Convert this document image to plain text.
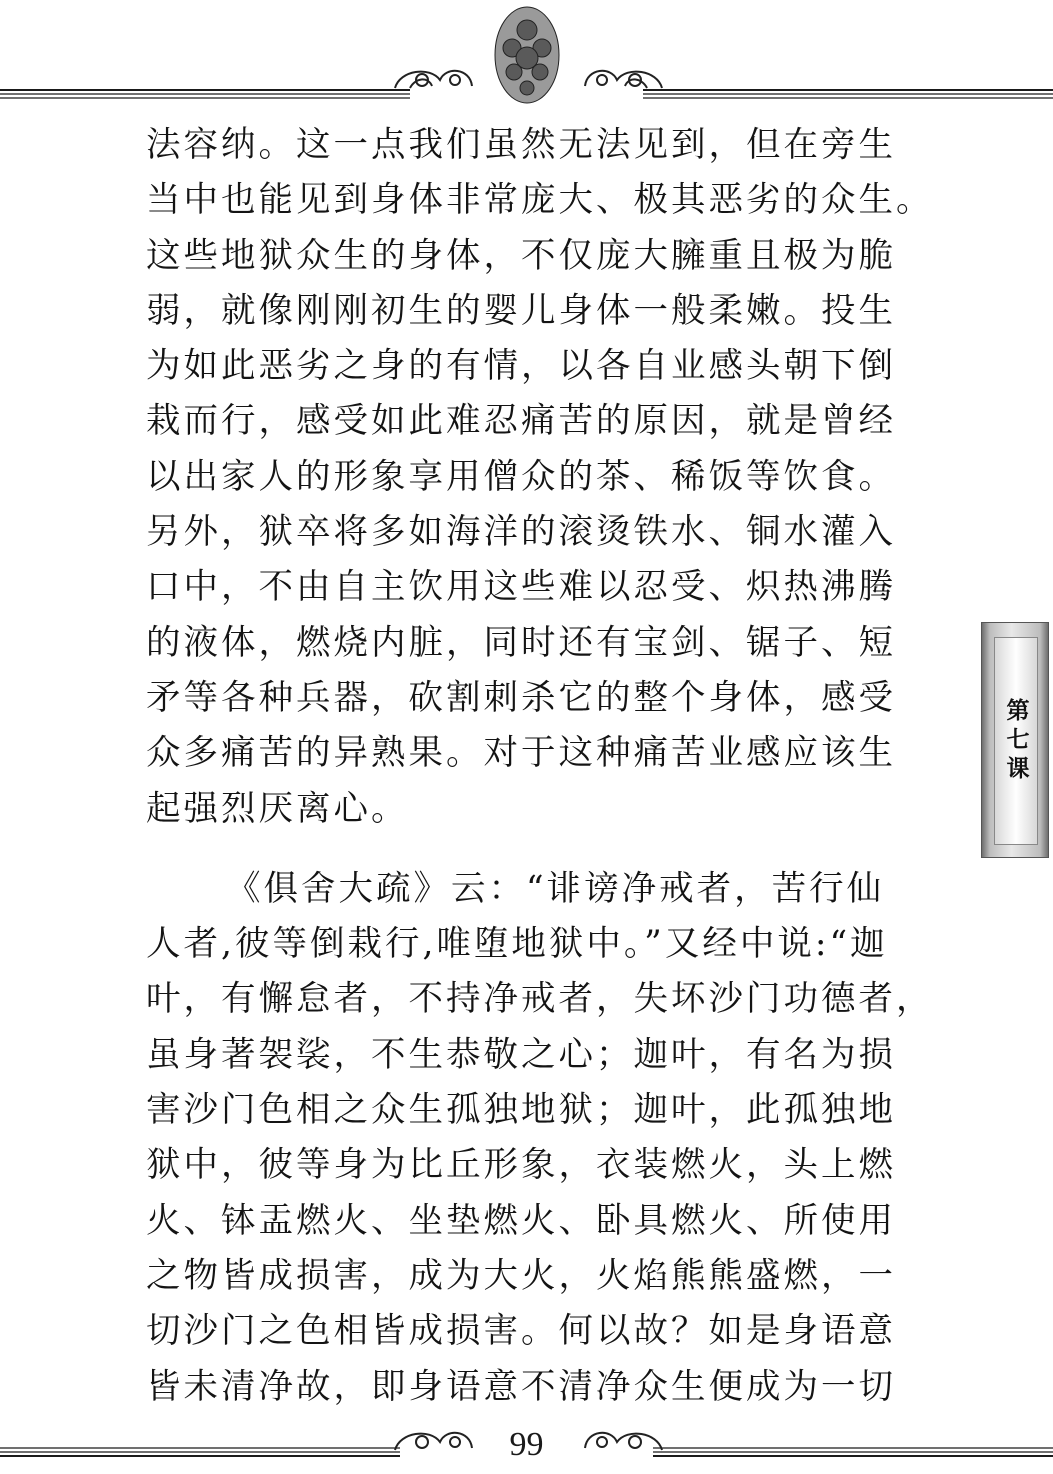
法容纳。这一点我们虽然无法见到，但在旁生
当中也能见到身体非常庞大、极其恶劣的众生。
这些地狱众生的身体，不仅庞大臃重且极为脆
弱，就像刚刚初生的婴儿身体一般柔嫩。投生
为如此恶劣之身的有情，以各自业感头朝下倒
栽而行，感受如此难忍痛苦的原因，就是曾经
以出家人的形象享用僧众的茶、稀饭等饮食。
另外，狱卒将多如海洋的滚烫铁水、铜水灌入
口中，不由自主饮用这些难以忍受、炽热沸腾
的液体，燃烧内脏，同时还有宝剑、锯子、短
矛等各种兵器，砍割刺杀它的整个身体，感受
众多痛苦的异熟果。对于这种痛苦业感应该生
起强烈厌离心。
《俱舍大疏》云：“诽谤净戒者，苦行仙
人者,彼等倒栽行,唯堕地狱中。”又经中说:“迦
叶，有懈怠者，不持净戒者，失坏沙门功德者，
虽身著袈裟，不生恭敬之心；迦叶，有名为损
害沙门色相之众生孤独地狱；迦叶，此孤独地
狱中，彼等身为比丘形象，衣装燃火，头上燃
火、钵盂燃火、坐垫燃火、卧具燃火、所使用
之物皆成损害，成为大火，火焰熊熊盛燃，一
切沙门之色相皆成损害。何以故？如是身语意
皆未清净故，即身语意不清净众生便成为一切
第七课
99
